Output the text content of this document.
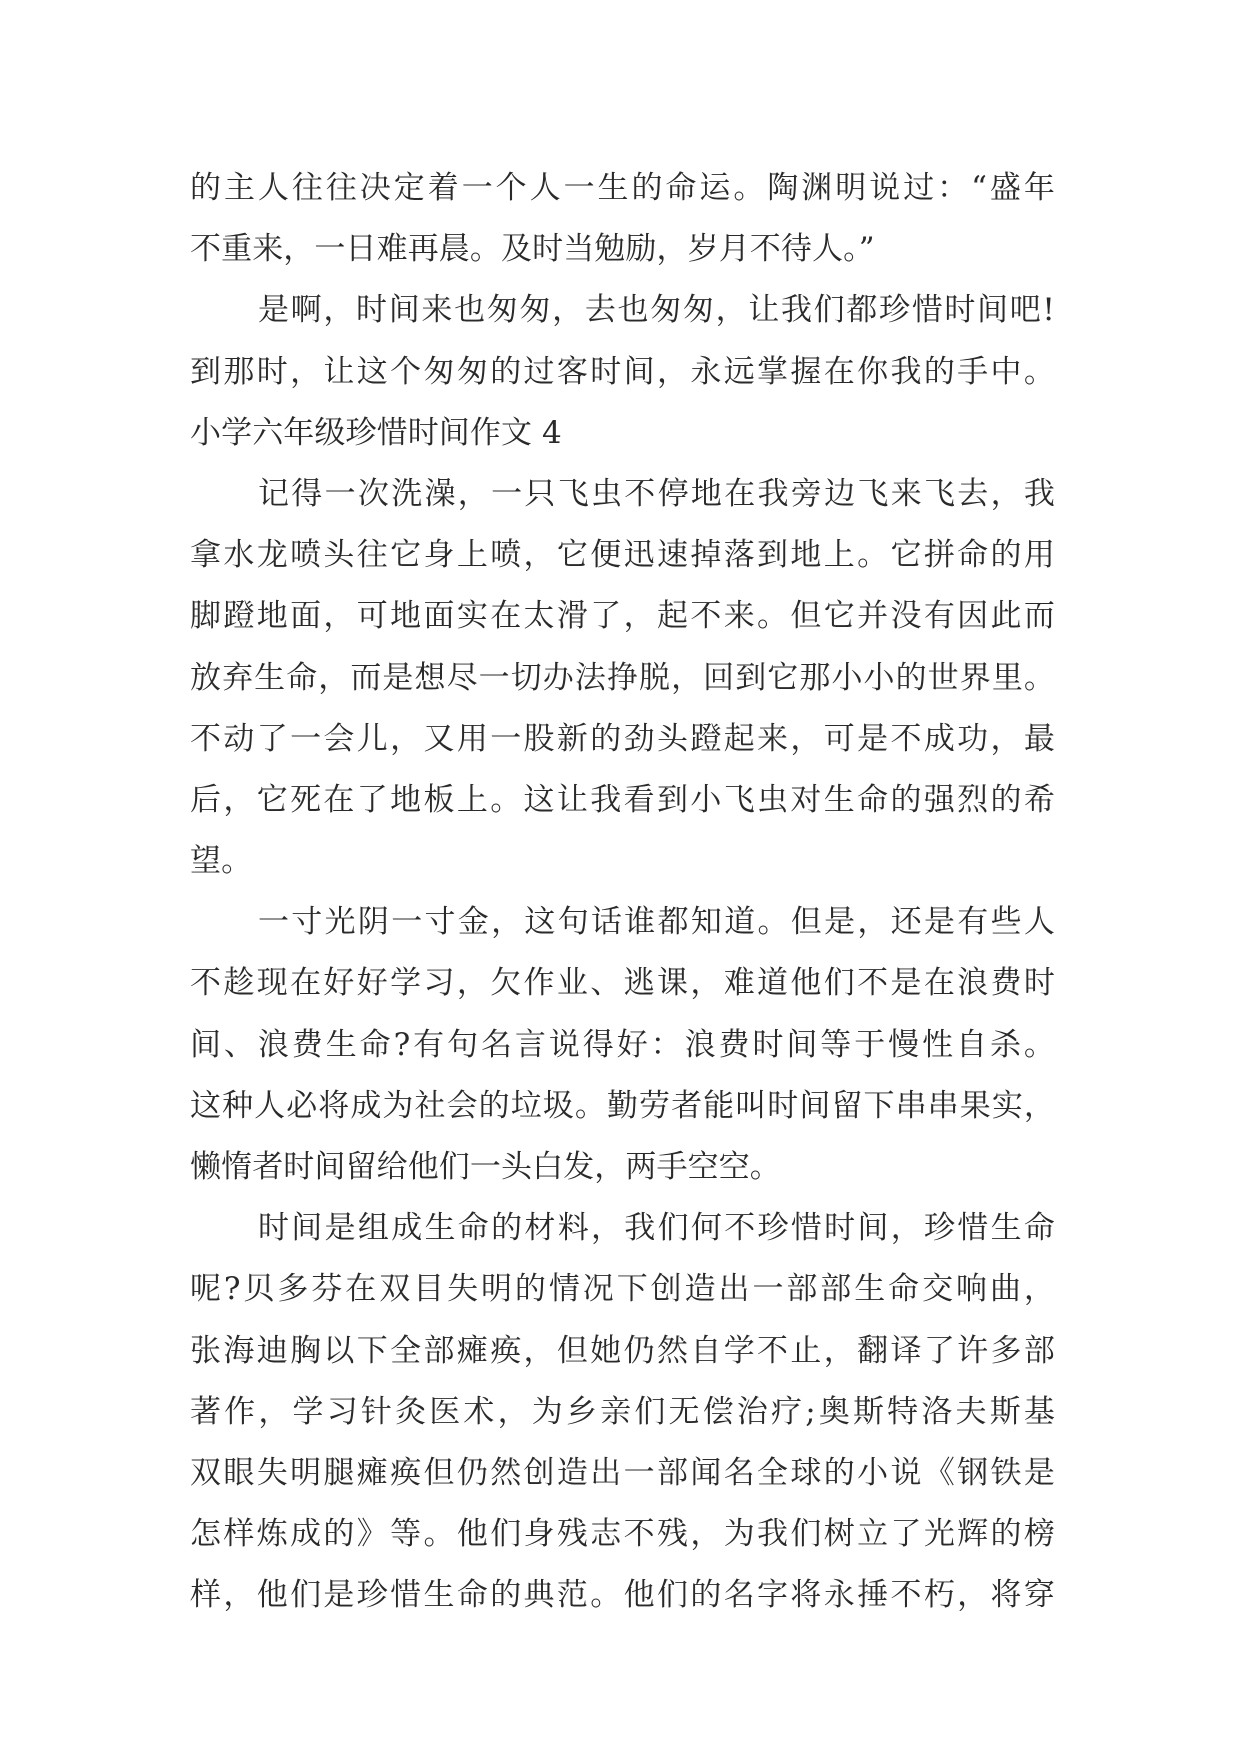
的主人往往决定着一个人一生的命运。陶渊明说过：“盛年
不重来，一日难再晨。及时当勉励，岁月不待人。”
是啊，时间来也匆匆，去也匆匆，让我们都珍惜时间吧!
到那时，让这个匆匆的过客时间，永远掌握在你我的手中。
小学六年级珍惜时间作文 4
记得一次洗澡，一只飞虫不停地在我旁边飞来飞去，我
拿水龙喷头往它身上喷，它便迅速掉落到地上。它拼命的用
脚蹬地面，可地面实在太滑了，起不来。但它并没有因此而
放弃生命，而是想尽一切办法挣脱，回到它那小小的世界里。
不动了一会儿，又用一股新的劲头蹬起来，可是不成功，最
后，它死在了地板上。这让我看到小飞虫对生命的强烈的希
望。
一寸光阴一寸金，这句话谁都知道。但是，还是有些人
不趁现在好好学习，欠作业、逃课，难道他们不是在浪费时
间、浪费生命?有句名言说得好：浪费时间等于慢性自杀。
这种人必将成为社会的垃圾。勤劳者能叫时间留下串串果实，
懒惰者时间留给他们一头白发，两手空空。
时间是组成生命的材料，我们何不珍惜时间，珍惜生命
呢?贝多芬在双目失明的情况下创造出一部部生命交响曲，
张海迪胸以下全部瘫痪，但她仍然自学不止，翻译了许多部
著作，学习针灸医术，为乡亲们无偿治疗;奥斯特洛夫斯基
双眼失明腿瘫痪但仍然创造出一部闻名全球的小说《钢铁是
怎样炼成的》等。他们身残志不残，为我们树立了光辉的榜
样，他们是珍惜生命的典范。他们的名字将永捶不朽，将穿
